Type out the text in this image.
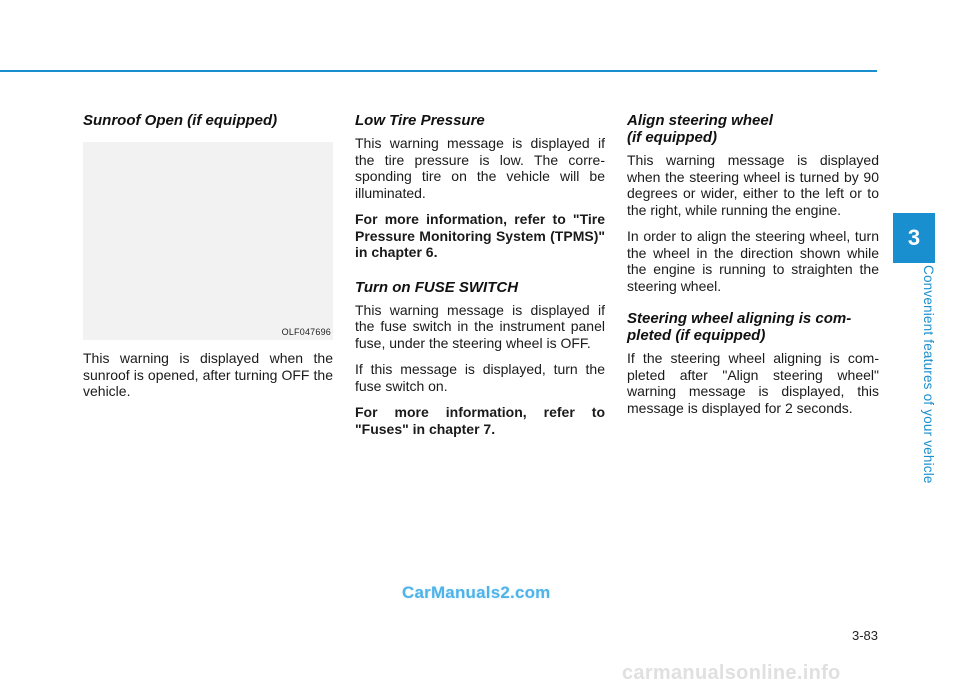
Sunroof Open (if equipped)
OLF047696

This warning is displayed when the sunroof is opened, after turning OFF the vehicle.

Low Tire Pressure

This warning message is displayed if the tire pressure is low. The corre-sponding tire on the vehicle will be illuminated.

For more information, refer to "Tire Pressure Monitoring System (TPMS)" in chapter 6.

Turn on FUSE SWITCH

This warning message is displayed if the fuse switch in the instrument panel fuse, under the steering wheel is OFF.

If this message is displayed, turn the fuse switch on.

For more information, refer to "Fuses" in chapter 7.

Align steering wheel
(if equipped)

This warning message is displayed when the steering wheel is turned by 90 degrees or wider, either to the left or to the right, while running the engine.

In order to align the steering wheel, turn the wheel in the direction shown while the engine is running to straighten the steering wheel.

Steering wheel aligning is com-
pleted (if equipped)

If the steering wheel aligning is com-pleted after "Align steering wheel" warning message is displayed, this message is displayed for 2 seconds.

3
Convenient features of your vehicle
3-83
CarManuals2.com
carmanualsonline.info
